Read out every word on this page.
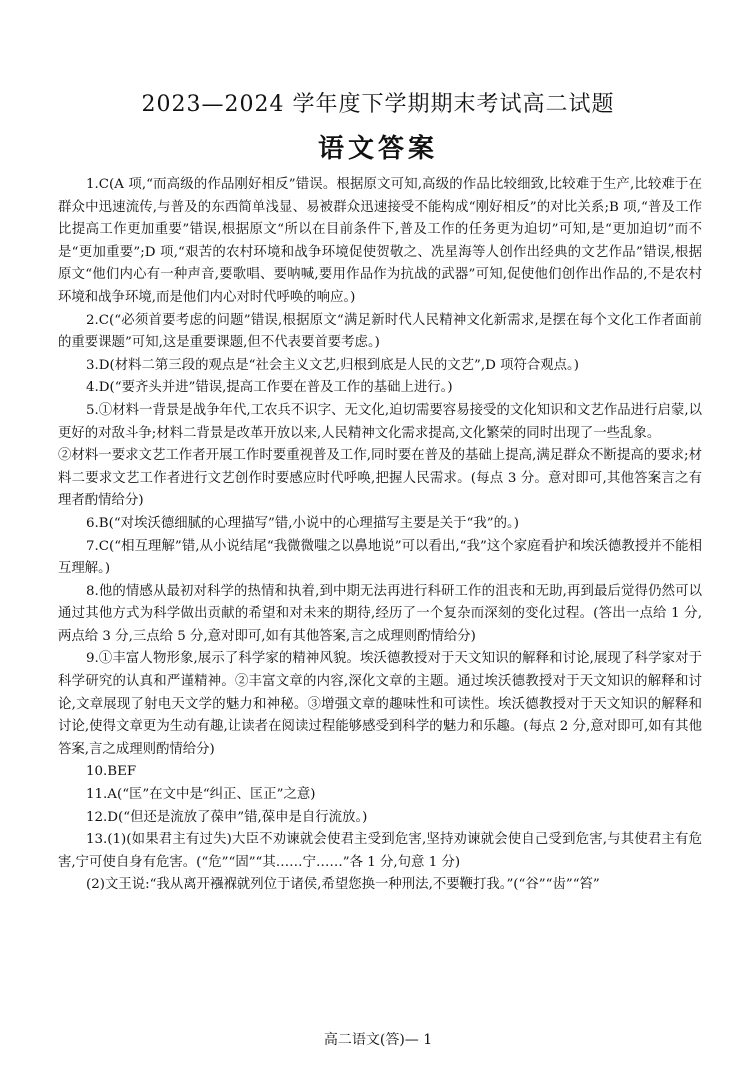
2023—2024 学年度下学期期末考试高二试题
语文答案

1.C(A 项,“而高级的作品刚好相反”错误。根据原文可知,高级的作品比较细致,比较难于生产,比较难于在群众中迅速流传,与普及的东西简单浅显、易被群众迅速接受不能构成“刚好相反”的对比关系;B 项,“普及工作比提高工作更加重要”错误,根据原文“所以在目前条件下,普及工作的任务更为迫切”可知,是“更加迫切”而不是“更加重要”;D 项,“艰苦的农村环境和战争环境促使贺敬之、冼星海等人创作出经典的文艺作品”错误,根据原文“他们内心有一种声音,要歌唱、要呐喊,要用作品作为抗战的武器”可知,促使他们创作出作品的,不是农村环境和战争环境,而是他们内心对时代呼唤的响应。)

2.C(“必须首要考虑的问题”错误,根据原文“满足新时代人民精神文化新需求,是摆在每个文化工作者面前的重要课题”可知,这是重要课题,但不代表要首要考虑。)

3.D(材料二第三段的观点是“社会主义文艺,归根到底是人民的文艺”,D 项符合观点。)

4.D(“要齐头并进”错误,提高工作要在普及工作的基础上进行。)

5.①材料一背景是战争年代,工农兵不识字、无文化,迫切需要容易接受的文化知识和文艺作品进行启蒙,以更好的对敌斗争;材料二背景是改革开放以来,人民精神文化需求提高,文化繁荣的同时出现了一些乱象。

②材料一要求文艺工作者开展工作时要重视普及工作,同时要在普及的基础上提高,满足群众不断提高的要求;材料二要求文艺工作者进行文艺创作时要感应时代呼唤,把握人民需求。(每点 3 分。意对即可,其他答案言之有理者酌情给分)

6.B(“对埃沃德细腻的心理描写”错,小说中的心理描写主要是关于“我”的。)

7.C(“相互理解”错,从小说结尾“我微微嗤之以鼻地说”可以看出,“我”这个家庭看护和埃沃德教授并不能相互理解。)

8.他的情感从最初对科学的热情和执着,到中期无法再进行科研工作的沮丧和无助,再到最后觉得仍然可以通过其他方式为科学做出贡献的希望和对未来的期待,经历了一个复杂而深刻的变化过程。(答出一点给 1 分,两点给 3 分,三点给 5 分,意对即可,如有其他答案,言之成理则酌情给分)

9.①丰富人物形象,展示了科学家的精神风貌。埃沃德教授对于天文知识的解释和讨论,展现了科学家对于科学研究的认真和严谨精神。②丰富文章的内容,深化文章的主题。通过埃沃德教授对于天文知识的解释和讨论,文章展现了射电天文学的魅力和神秘。③增强文章的趣味性和可读性。埃沃德教授对于天文知识的解释和讨论,使得文章更为生动有趣,让读者在阅读过程能够感受到科学的魅力和乐趣。(每点 2 分,意对即可,如有其他答案,言之成理则酌情给分)

10.BEF

11.A(“匡”在文中是“纠正、匡正”之意)

12.D(“但还是流放了葆申”错,葆申是自行流放。)

13.(1)(如果君主有过失)大臣不劝谏就会使君主受到危害,坚持劝谏就会使自己受到危害,与其使君主有危害,宁可使自身有危害。(“危”“固”“其……宁……”各 1 分,句意 1 分)

(2)文王说:“我从离开襁褓就列位于诸侯,希望您换一种刑法,不要鞭打我。”(“谷”“齿”“笞”

高二语文(答)— 1
